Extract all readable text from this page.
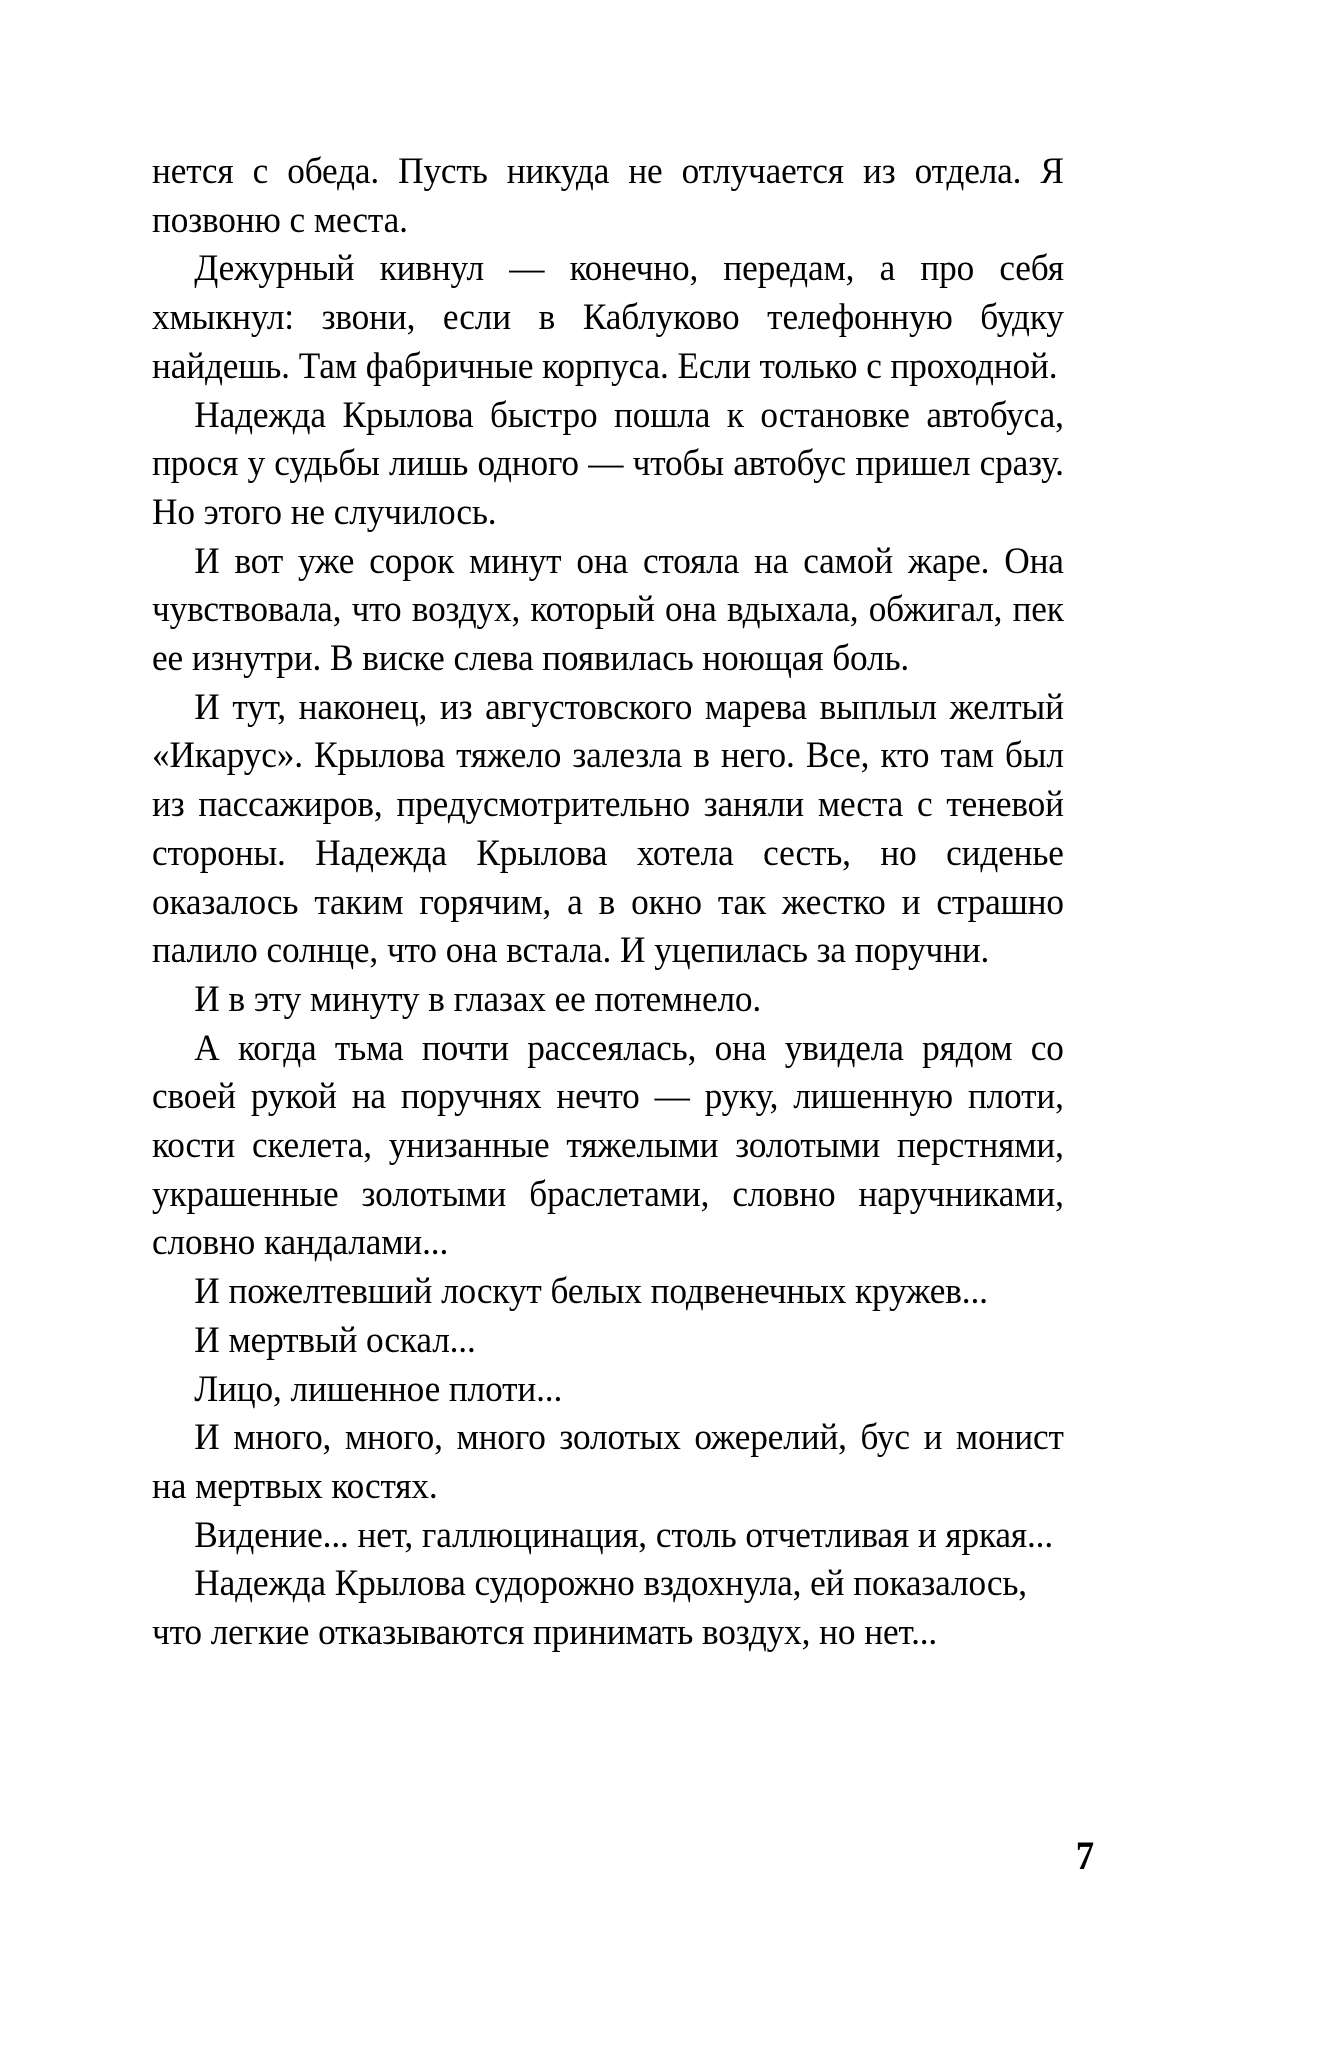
нется с обеда. Пусть никуда не отлучается из отдела. Я позвоню с места.

Дежурный кивнул — конечно, передам, а про себя хмыкнул: звони, если в Каблуково телефонную будку найдешь. Там фабричные корпуса. Если только с проходной.

Надежда Крылова быстро пошла к остановке автобуса, прося у судьбы лишь одного — чтобы автобус пришел сразу. Но этого не случилось.

И вот уже сорок минут она стояла на самой жаре. Она чувствовала, что воздух, который она вдыхала, обжигал, пек ее изнутри. В виске слева появилась ноющая боль.

И тут, наконец, из августовского марева выплыл желтый «Икарус». Крылова тяжело залезла в него. Все, кто там был из пассажиров, предусмотрительно заняли места с теневой стороны. Надежда Крылова хотела сесть, но сиденье оказалось таким горячим, а в окно так жестко и страшно палило солнце, что она встала. И уцепилась за поручни.

И в эту минуту в глазах ее потемнело.

А когда тьма почти рассеялась, она увидела рядом со своей рукой на поручнях нечто — руку, лишенную плоти, кости скелета, унизанные тяжелыми золотыми перстнями, украшенные золотыми браслетами, словно наручниками, словно кандалами...

И пожелтевший лоскут белых подвенечных кружев...

И мертвый оскал...

Лицо, лишенное плоти...

И много, много, много золотых ожерелий, бус и монист на мертвых костях.

Видение... нет, галлюцинация, столь отчетливая и яркая...

Надежда Крылова судорожно вздохнула, ей показалось, что легкие отказываются принимать воздух, но нет...

7
